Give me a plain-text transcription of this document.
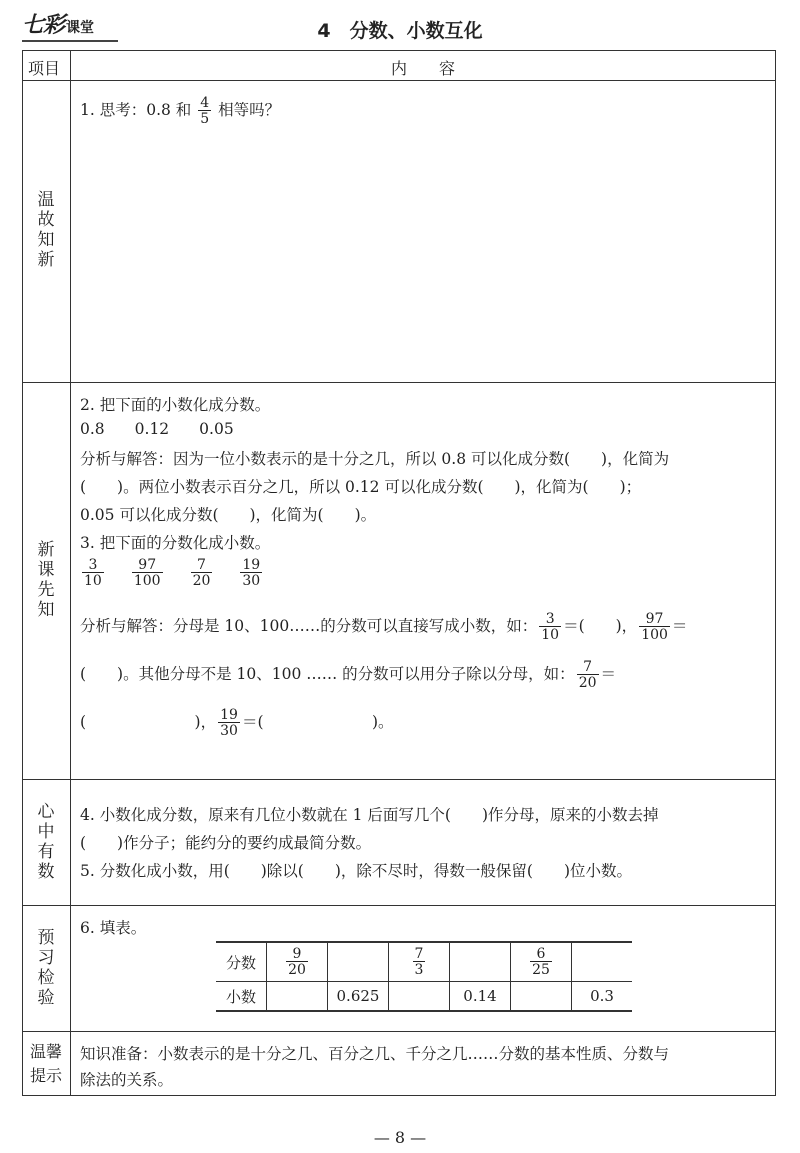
七彩 课堂	4　分数、小数互化
项目	内　　容
温
故
知
新
1. 思考：0.8 和 $\frac{4}{5}$ 相等吗？
新
课
先
知
2. 把下面的小数化成分数。
0.8 0.12 0.05
分析与解答：因为一位小数表示的是十分之几，所以 0.8 可以化成分数(　　)，化简为
(　　)。两位小数表示百分之几，所以 0.12 可以化成分数(　　)，化简为(　　)；
0.05 可以化成分数(　　)，化简为(　　)。
3. 把下面的分数化成小数。
$\frac{3}{10} \frac{97}{100} \frac{7}{20} \frac{19}{30}$
分析与解答：分母是 10、100……的分数可以直接写成小数，如： $\frac{3}{10}$ ＝(　　)， $\frac{97}{100}$ ＝
(　　)。其他分母不是 10、100 …… 的分数可以用分子除以分母，如： $\frac{7}{20}$ ＝
(　　　　　　　)， $\frac{19}{30}$ ＝(　　　　　　　)。
心
中
有
数
4. 小数化成分数，原来有几位小数就在 1 后面写几个(　　)作分母，原来的小数去掉
(　　)作分子；能约分的要约成最简分数。
5. 分数化成小数，用(　　)除以(　　)，除不尽时，得数一般保留(　　)位小数。
预
习
检
验
6. 填表。
分数	$\frac{9}{20}$		$\frac{7}{3}$		$\frac{6}{25}$

小数		0.625		0.14		0.3
温馨
提示
知识准备：小数表示的是十分之几、百分之几、千分之几……分数的基本性质、分数与
除法的关系。
— 8 —
